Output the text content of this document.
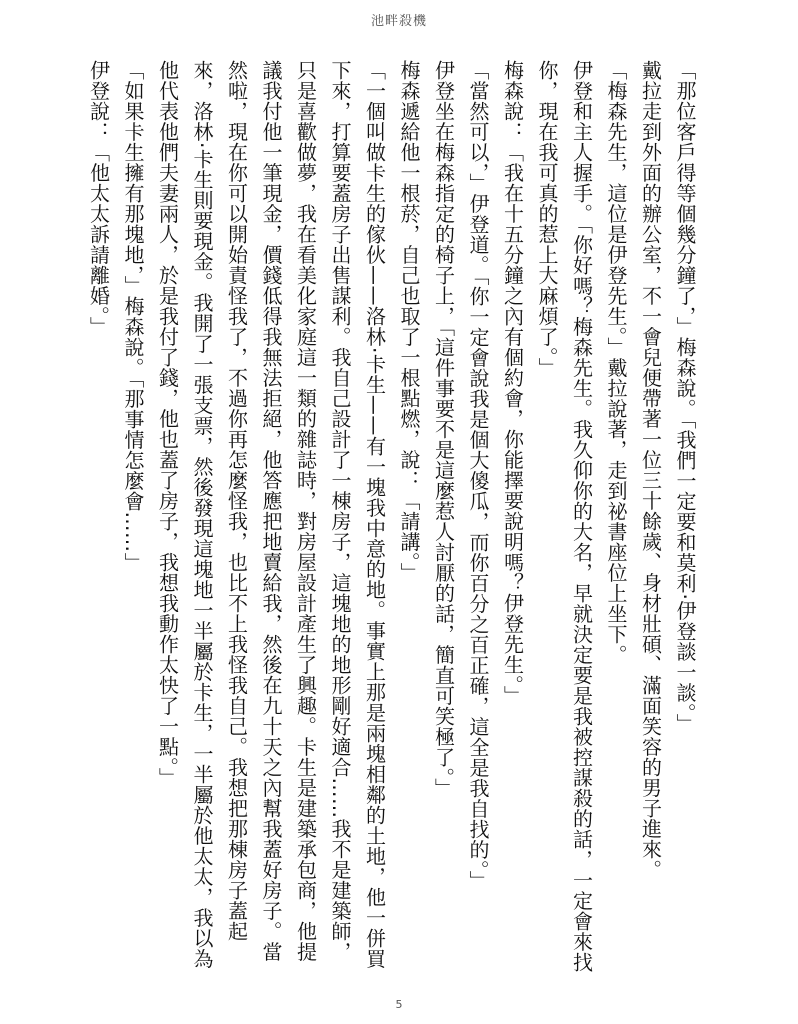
池畔殺機

「那位客戶得等個幾分鐘了，」梅森說。「我們一定要和莫利‧伊登談一談。」

戴拉走到外面的辦公室，不一會兒便帶著一位三十餘歲、身材壯碩、滿面笑容的男子進來。

「梅森先生，這位是伊登先生。」戴拉說著，走到祕書座位上坐下。

伊登和主人握手。「你好嗎？梅森先生。我久仰你的大名，早就決定要是我被控謀殺的話，一定會來找你，現在我可真的惹上大麻煩了。」

梅森說：「我在十五分鐘之內有個約會，你能擇要說明嗎？伊登先生。」

「當然可以，」伊登道。「你一定會說我是個大傻瓜，而你百分之百正確，這全是我自找的。」

伊登坐在梅森指定的椅子上，「這件事要不是這麼惹人討厭的話，簡直可笑極了。」

梅森遞給他一根菸，自己也取了一根點燃，說：「請講。」

「一個叫做卡生的傢伙——洛林‧卡生——有一塊我中意的地。事實上那是兩塊相鄰的土地，他一併買下來，打算要蓋房子出售謀利。我自己設計了一棟房子，這塊地的地形剛好適合……我不是建築師，只是喜歡做夢，我在看美化家庭這一類的雜誌時，對房屋設計產生了興趣。卡生是建築承包商，他提議我付他一筆現金，價錢低得我無法拒絕，他答應把地賣給我，然後在九十天之內幫我蓋好房子。當然啦，現在你可以開始責怪我了，不過你再怎麼怪我，也比不上我怪我自己。我想把那棟房子蓋起來，洛林‧卡生則要現金。我開了一張支票，然後發現這塊地一半屬於卡生，一半屬於他太太，我以為他代表他們夫妻兩人，於是我付了錢，他也蓋了房子，我想我動作太快了一點。」

「如果卡生擁有那塊地，」梅森說。「那事情怎麼會……」

伊登說：「他太太訴請離婚。」

5
